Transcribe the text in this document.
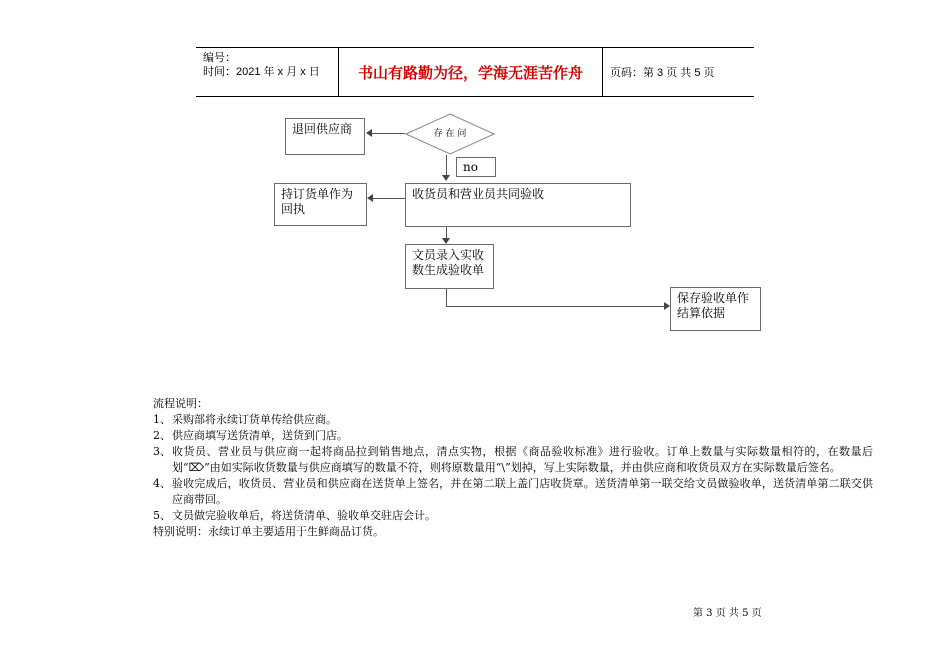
编号：
时间：2021 年 x 月 x 日	书山有路勤为径，学海无涯苦作舟	页码：第 3 页 共 5 页
存 在 问
退回供应商
no
收货员和营业员共同验收
持订货单作为回执
文员录入实收数生成验收单
保存验收单作结算依据
流程说明：
1、 采购部将永续订货单传给供应商。
2、 供应商填写送货清单，送货到门店。
3、 收货员、营业员与供应商一起将商品拉到销售地点，清点实物，根据《商品验收标准》进行验收。订单上数量与实际数量相符的，在数量后划“⌦”由如实际收货数量与供应商填写的数量不符，则将原数量用“\”划掉，写上实际数量，并由供应商和收货员双方在实际数量后签名。
4、 验收完成后，收货员、营业员和供应商在送货单上签名，并在第二联上盖门店收货章。送货清单第一联交给文员做验收单，送货清单第二联交供应商带回。
5、 文员做完验收单后，将送货清单、验收单交驻店会计。
特别说明：永续订单主要适用于生鲜商品订货。
第 3 页 共 5 页
